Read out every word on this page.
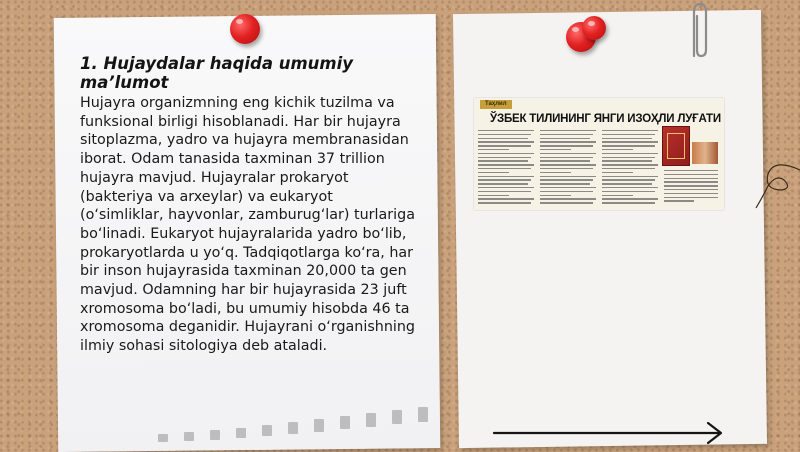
1. Hujaydalar haqida umumiy ma’lumot

Hujayra organizmning eng kichik tuzilma va funksional birligi hisoblanadi. Har bir hujayra sitoplazma, yadro va hujayra membranasidan iborat. Odam tanasida taxminan 37 trillion hujayra mavjud. Hujayralar prokaryot (bakteriya va arxeylar) va eukaryot (o‘simliklar, hayvonlar, zamburug‘lar) turlariga bo‘linadi. Eukaryot hujayralarida yadro bo‘lib, prokaryotlarda u yo‘q. Tadqiqotlarga ko‘ra, har bir inson hujayrasida taxminan 20,000 ta gen mavjud. Odamning har bir hujayrasida 23 juft xromosoma bo‘ladi, bu umumiy hisobda 46 ta xromosoma deganidir. Hujayrani o‘rganishning ilmiy sohasi sitologiya deb ataladi.

Таҳлил
ЎЗБЕК ТИЛИНИНГ ЯНГИ ИЗОҲЛИ ЛУҒАТИ
